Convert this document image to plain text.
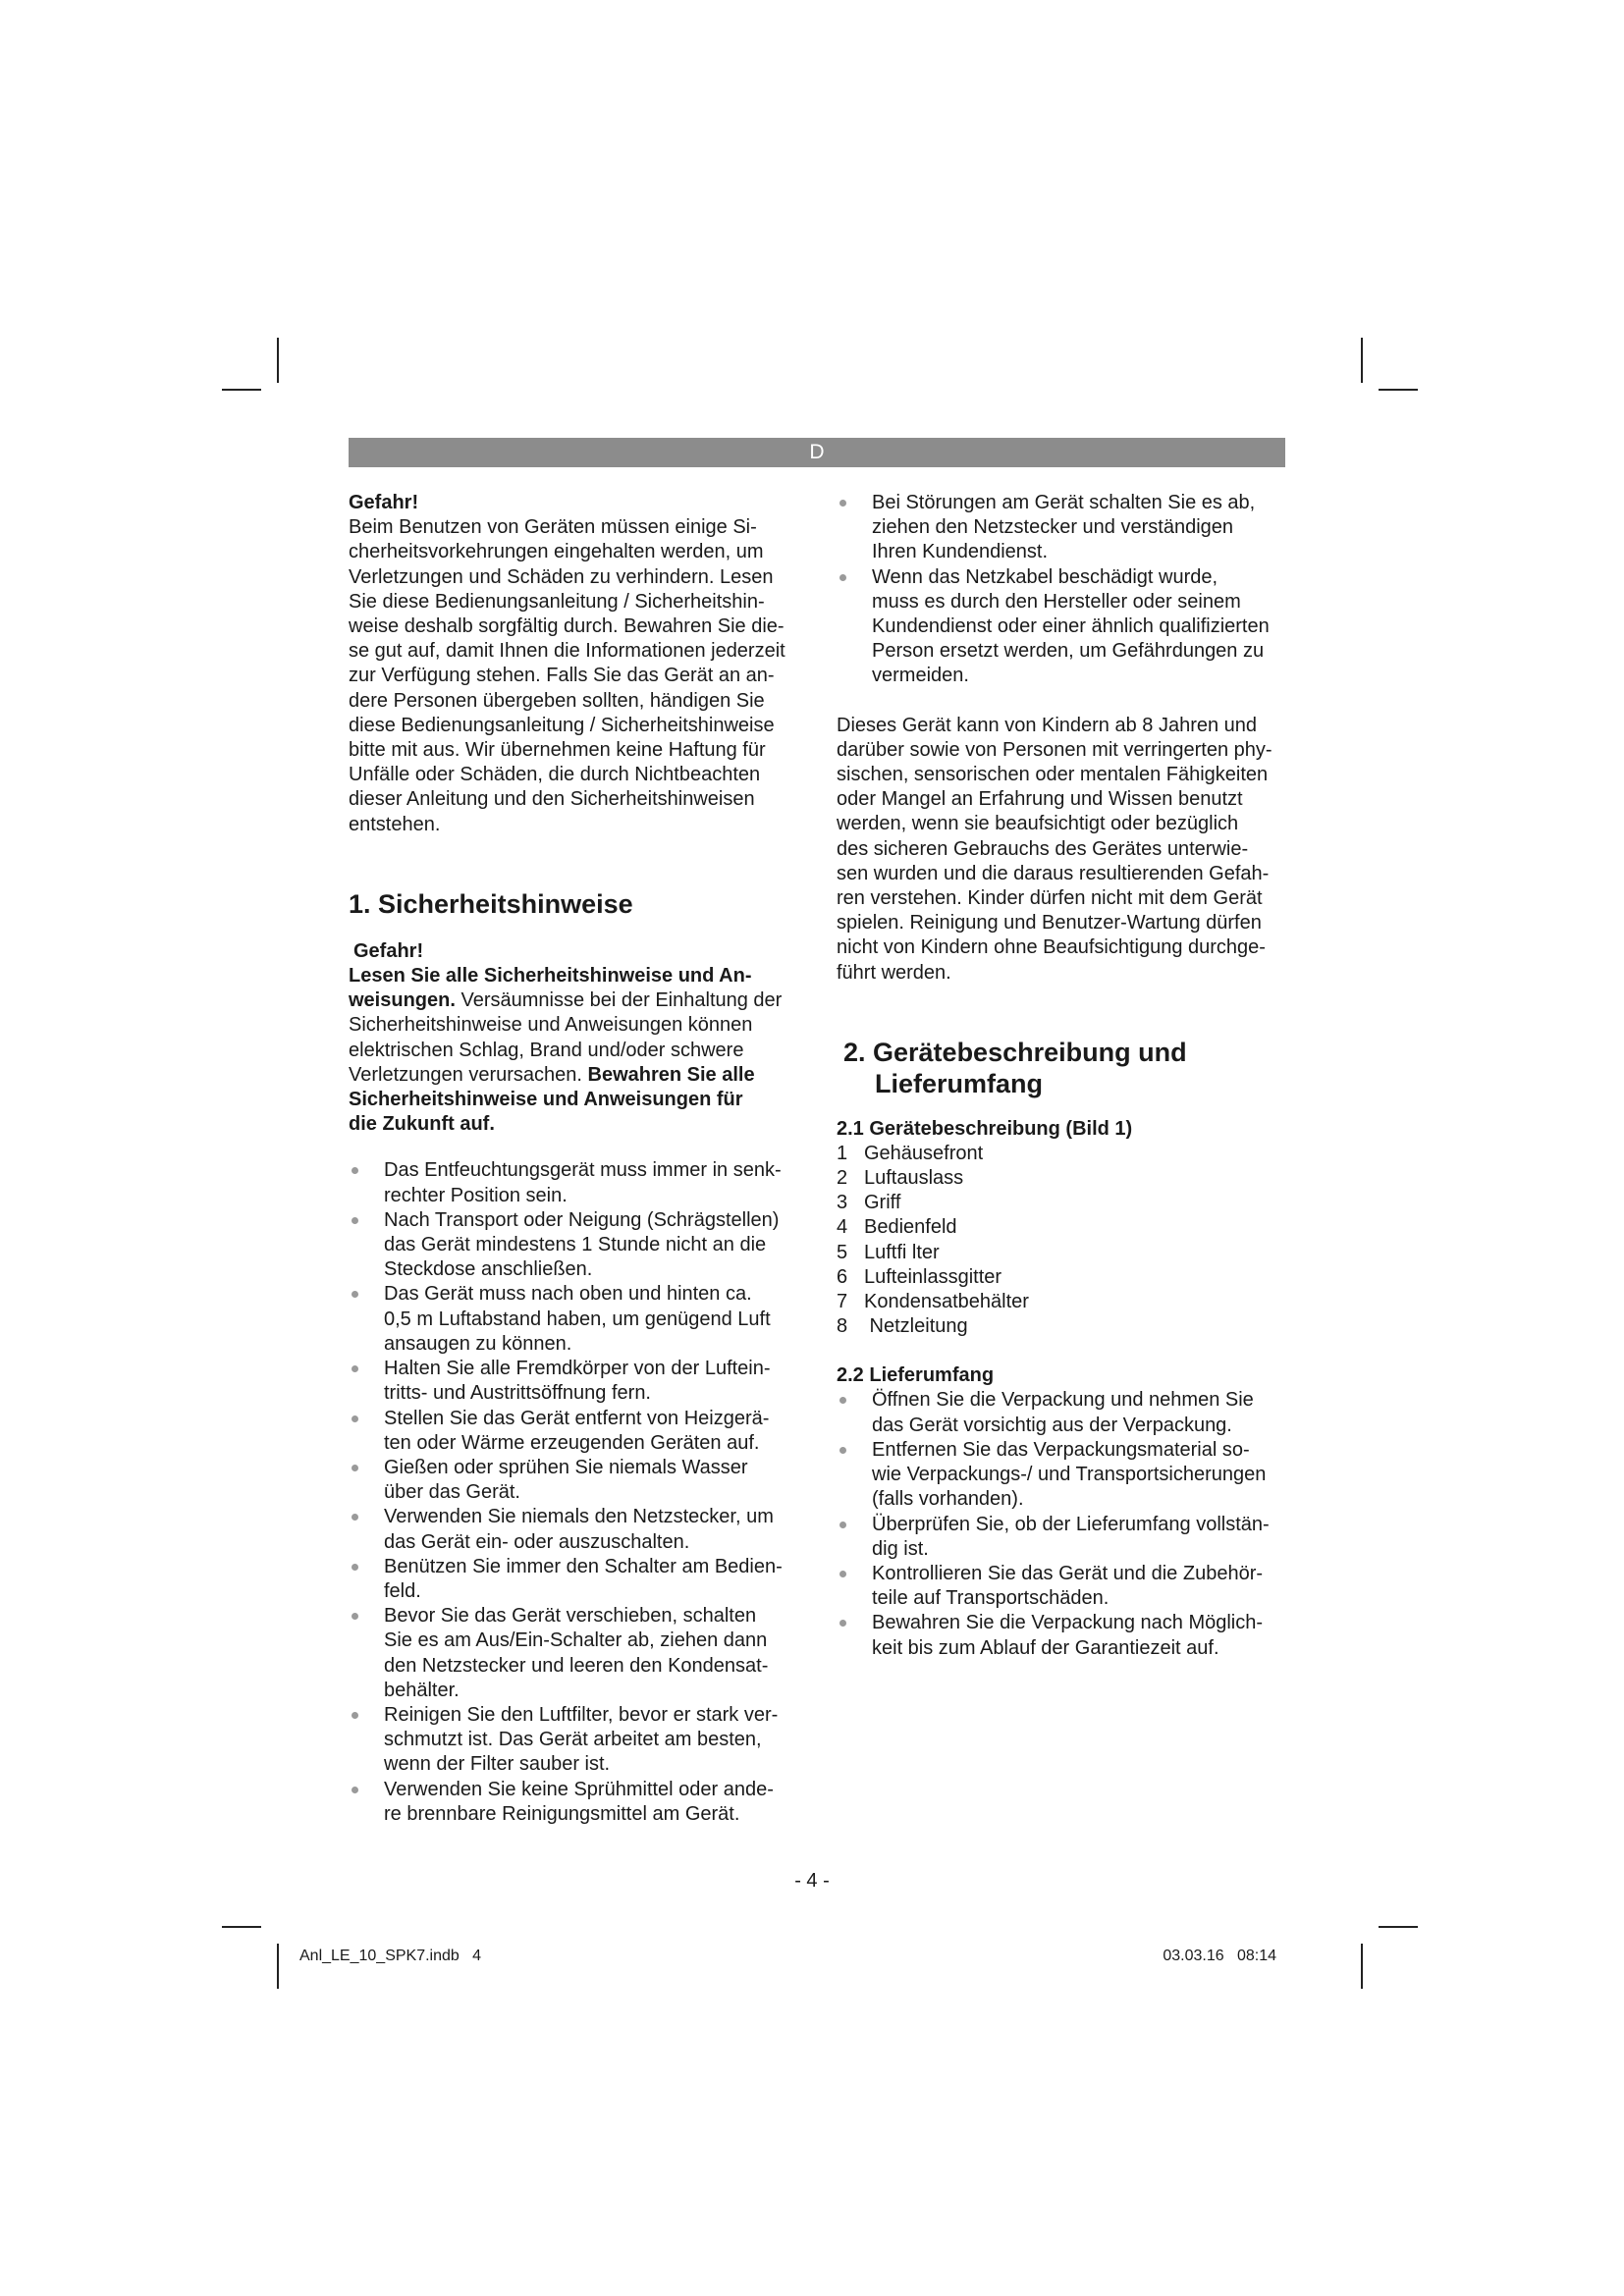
D

Gefahr!

Beim Benutzen von Geräten müssen einige Si-

cherheitsvorkehrungen eingehalten werden, um

Verletzungen und Schäden zu verhindern. Lesen

Sie diese Bedienungsanleitung / Sicherheitshin-

weise deshalb sorgfältig durch. Bewahren Sie die-

se gut auf, damit Ihnen die Informationen jederzeit

zur Verfügung stehen. Falls Sie das Gerät an an-

dere Personen übergeben sollten, händigen Sie

diese Bedienungsanleitung / Sicherheitshinweise

bitte mit aus. Wir übernehmen keine Haftung für

Unfälle oder Schäden, die durch Nichtbeachten

dieser Anleitung und den Sicherheitshinweisen

entstehen.

1. Sicherheitshinweise

Gefahr!

Lesen Sie alle Sicherheitshinweise und An-

weisungen. Versäumnisse bei der Einhaltung der

Sicherheitshinweise und Anweisungen können

elektrischen Schlag, Brand und/oder schwere

Verletzungen verursachen. Bewahren Sie alle

Sicherheitshinweise und Anweisungen für

die Zukunft auf.

Das Entfeuchtungsgerät muss immer in senk-
rechter Position sein.
Nach Transport oder Neigung (Schrägstellen)
das Gerät mindestens 1 Stunde nicht an die
Steckdose anschließen.
Das Gerät muss nach oben und hinten ca.
0,5 m Luftabstand haben, um genügend Luft
ansaugen zu können.
Halten Sie alle Fremdkörper von der Luftein-
tritts- und Austrittsöffnung fern.
Stellen Sie das Gerät entfernt von Heizgerä-
ten oder Wärme erzeugenden Geräten auf.
Gießen oder sprühen Sie niemals Wasser
über das Gerät.
Verwenden Sie niemals den Netzstecker, um
das Gerät ein- oder auszuschalten.
Benützen Sie immer den Schalter am Bedien-
feld.
Bevor Sie das Gerät verschieben, schalten
Sie es am Aus/Ein-Schalter ab, ziehen dann
den Netzstecker und leeren den Kondensat-
behälter.
Reinigen Sie den Luftfilter, bevor er stark ver-
schmutzt ist. Das Gerät arbeitet am besten,
wenn der Filter sauber ist.
Verwenden Sie keine Sprühmittel oder ande-
re brennbare Reinigungsmittel am Gerät.
Bei Störungen am Gerät schalten Sie es ab,
ziehen den Netzstecker und verständigen
Ihren Kundendienst.
Wenn das Netzkabel beschädigt wurde,
muss es durch den Hersteller oder seinem
Kundendienst oder einer ähnlich qualifizierten
Person ersetzt werden, um Gefährdungen zu
vermeiden.

Dieses Gerät kann von Kindern ab 8 Jahren und

darüber sowie von Personen mit verringerten phy-

sischen, sensorischen oder mentalen Fähigkeiten

oder Mangel an Erfahrung und Wissen benutzt

werden, wenn sie beaufsichtigt oder bezüglich

des sicheren Gebrauchs des Gerätes unterwie-

sen wurden und die daraus resultierenden Gefah-

ren verstehen. Kinder dürfen nicht mit dem Gerät

spielen. Reinigung und Benutzer-Wartung dürfen

nicht von Kindern ohne Beaufsichtigung durchge-

führt werden.

2. Gerätebeschreibung und
Lieferumfang
2.1 Gerätebeschreibung (Bild 1)
1 Gehäusefront
2 Luftauslass
3 Griff
4 Bedienfeld
5 Luftfi lter
6 Lufteinlassgitter
7 Kondensatbehälter
8 Netzleitung
2.2 Lieferumfang
Öffnen Sie die Verpackung und nehmen Sie
das Gerät vorsichtig aus der Verpackung.
Entfernen Sie das Verpackungsmaterial so-
wie Verpackungs-/ und Transportsicherungen
(falls vorhanden).
Überprüfen Sie, ob der Lieferumfang vollstän-
dig ist.
Kontrollieren Sie das Gerät und die Zubehör-
teile auf Transportschäden.
Bewahren Sie die Verpackung nach Möglich-
keit bis zum Ablauf der Garantiezeit auf.
- 4 -
Anl_LE_10_SPK7.indb   4	03.03.16   08:14
